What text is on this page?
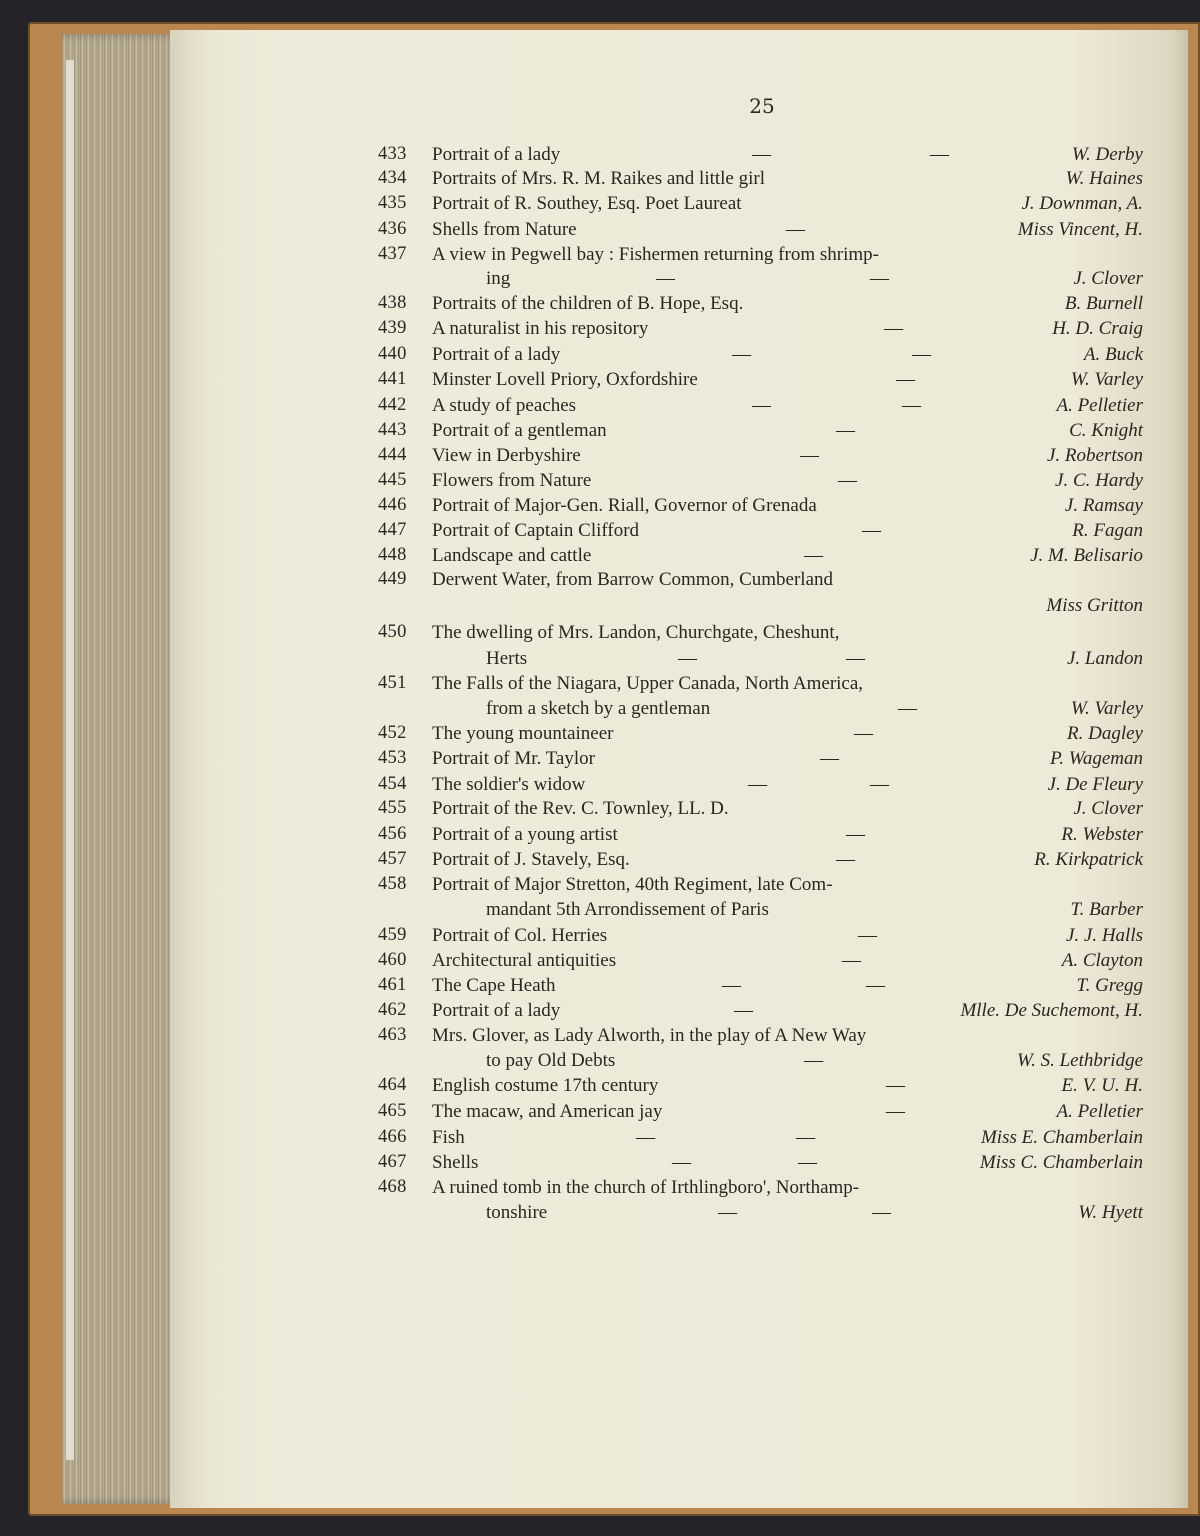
25
433	Portrait of a lady	—	—	W. Derby
434	Portraits of Mrs. R. M. Raikes and little girl	W. Haines
435	Portrait of R. Southey, Esq. Poet Laureat	J. Downman, A.
436	Shells from Nature	—	Miss Vincent, H.
437	A view in Pegwell bay : Fishermen returning from shrimp-
ing	—	—	J. Clover
438	Portraits of the children of B. Hope, Esq.	B. Burnell
439	A naturalist in his repository	—	H. D. Craig
440	Portrait of a lady	—	—	A. Buck
441	Minster Lovell Priory, Oxfordshire	—	W. Varley
442	A study of peaches	—	—	A. Pelletier
443	Portrait of a gentleman	—	C. Knight
444	View in Derbyshire	—	J. Robertson
445	Flowers from Nature	—	J. C. Hardy
446	Portrait of Major-Gen. Riall, Governor of Grenada	J. Ramsay
447	Portrait of Captain Clifford	—	R. Fagan
448	Landscape and cattle	—	J. M. Belisario
449	Derwent Water, from Barrow Common, Cumberland
Miss Gritton
450	The dwelling of Mrs. Landon, Churchgate, Cheshunt,
Herts	—	—	J. Landon
451	The Falls of the Niagara, Upper Canada, North America,
from a sketch by a gentleman	—	W. Varley
452	The young mountaineer	—	R. Dagley
453	Portrait of Mr. Taylor	—	P. Wageman
454	The soldier's widow	—	—	J. De Fleury
455	Portrait of the Rev. C. Townley, LL. D.	J. Clover
456	Portrait of a young artist	—	R. Webster
457	Portrait of J. Stavely, Esq.	—	R. Kirkpatrick
458	Portrait of Major Stretton, 40th Regiment, late Com-
mandant 5th Arrondissement of Paris	T. Barber
459	Portrait of Col. Herries	—	J. J. Halls
460	Architectural antiquities	—	A. Clayton
461	The Cape Heath	—	—	T. Gregg
462	Portrait of a lady	—	Mlle. De Suchemont, H.
463	Mrs. Glover, as Lady Alworth, in the play of A New Way
to pay Old Debts	—	W. S. Lethbridge
464	English costume 17th century	—	E. V. U. H.
465	The macaw, and American jay	—	A. Pelletier
466	Fish	—	—	Miss E. Chamberlain
467	Shells	—	—	Miss C. Chamberlain
468	A ruined tomb in the church of Irthlingboro', Northamp-
tonshire	—	—	W. Hyett
